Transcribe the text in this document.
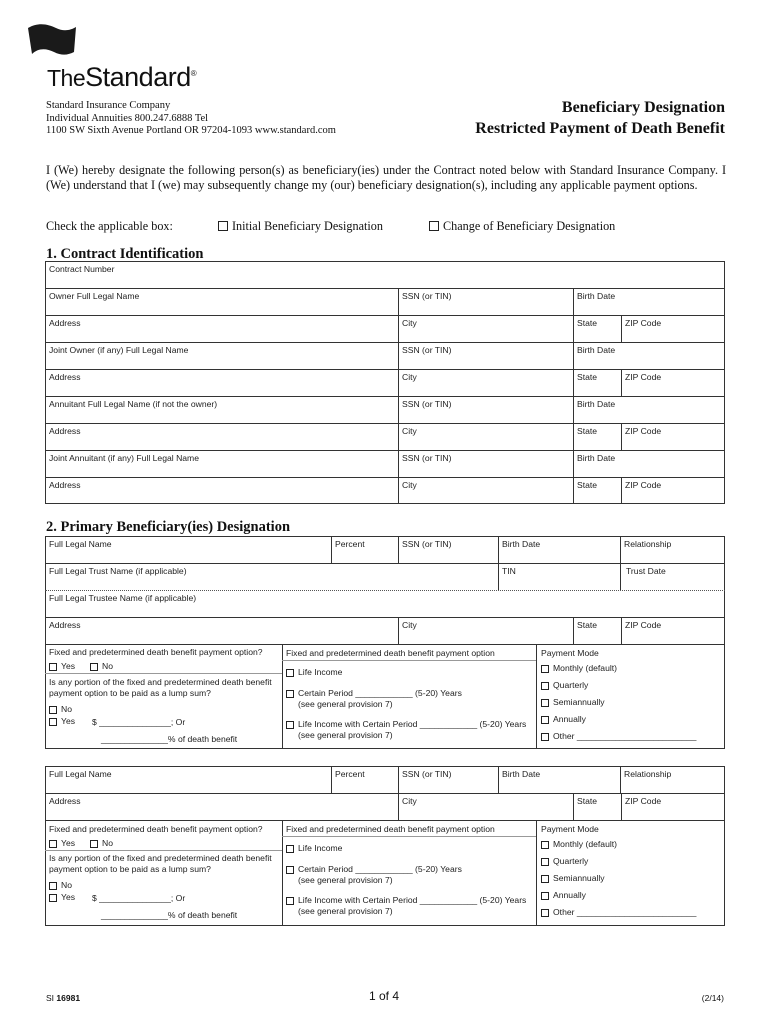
TheStandard®
Standard Insurance Company
Individual Annuities 800.247.6888 Tel
1100 SW Sixth Avenue Portland OR 97204-1093 www.standard.com
Beneficiary Designation
Restricted Payment of Death Benefit
I (We) hereby designate the following person(s) as beneficiary(ies) under the Contract noted below with Standard Insurance Company. I (We) understand that I (we) may subsequently change my (our) beneficiary designation(s), including any applicable payment options.
Check the applicable box:	Initial Beneficiary Designation	Change of Beneficiary Designation
1. Contract Identification
Contract Number
Owner Full Legal Name	SSN (or TIN)	Birth Date
Address	City	State	ZIP Code
Joint Owner (if any) Full Legal Name	SSN (or TIN)	Birth Date
Address	City	State	ZIP Code
Annuitant Full Legal Name (if not the owner)	SSN (or TIN)	Birth Date
Address	City	State	ZIP Code
Joint Annuitant (if any) Full Legal Name	SSN (or TIN)	Birth Date
Address	City	State	ZIP Code
2. Primary Beneficiary(ies) Designation
Full Legal Name	Percent	SSN (or TIN)	Birth Date	Relationship
Full Legal Trust Name (if applicable)	TIN	Trust Date
Full Legal Trustee Name (if applicable)
Address	City	State	ZIP Code
Fixed and predetermined death benefit payment option?
Yes	No
Is any portion of the fixed and predetermined death benefit
payment option to be paid as a lump sum?
No
Yes $ _______________; Or
______________% of death benefit
Fixed and predetermined death benefit payment option
Life Income
Certain Period ____________ (5-20) Years
(see general provision 7)
Life Income with Certain Period ____________ (5-20) Years
(see general provision 7)
Payment Mode
Monthly (default)
Quarterly
Semiannually
Annually
Other _________________________
Full Legal Name	Percent	SSN (or TIN)	Birth Date	Relationship
Address	City	State	ZIP Code
Fixed and predetermined death benefit payment option?
Yes	No
Is any portion of the fixed and predetermined death benefit
payment option to be paid as a lump sum?
No
Yes $ _______________; Or
______________% of death benefit
Fixed and predetermined death benefit payment option
Life Income
Certain Period ____________ (5-20) Years
(see general provision 7)
Life Income with Certain Period ____________ (5-20) Years
(see general provision 7)
Payment Mode
Monthly (default)
Quarterly
Semiannually
Annually
Other _________________________
SI 16981	1 of 4	(2/14)
